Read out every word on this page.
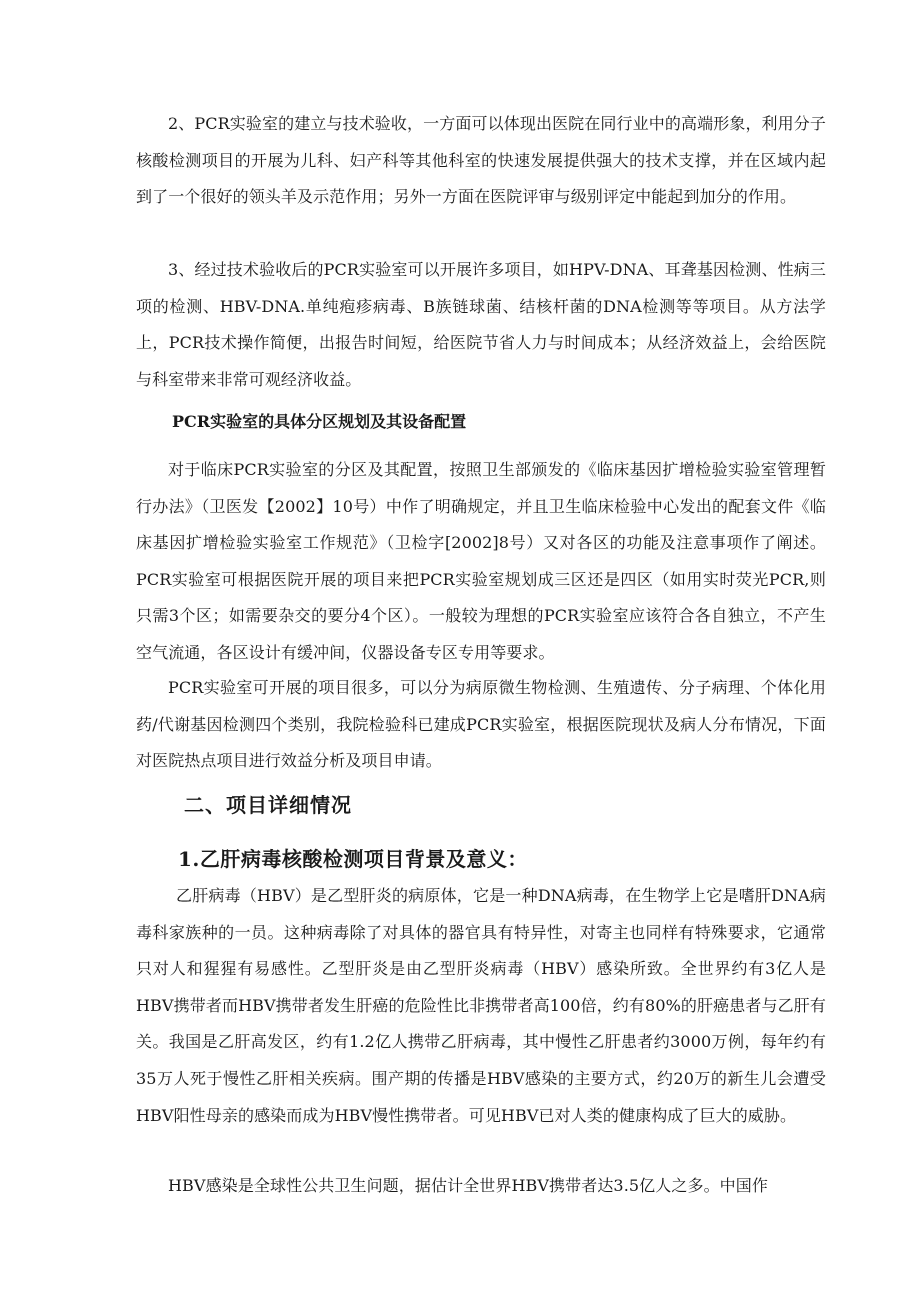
2、PCR实验室的建立与技术验收，一方面可以体现出医院在同行业中的高端形象，利用分子核酸检测项目的开展为儿科、妇产科等其他科室的快速发展提供强大的技术支撑，并在区域内起到了一个很好的领头羊及示范作用；另外一方面在医院评审与级别评定中能起到加分的作用。

3、经过技术验收后的PCR实验室可以开展许多项目，如HPV-DNA、耳聋基因检测、性病三项的检测、HBV-DNA.单纯疱疹病毒、B族链球菌、结核杆菌的DNA检测等等项目。从方法学上，PCR技术操作简便，出报告时间短，给医院节省人力与时间成本；从经济效益上，会给医院与科室带来非常可观经济收益。

PCR实验室的具体分区规划及其设备配置

对于临床PCR实验室的分区及其配置，按照卫生部颁发的《临床基因扩增检验实验室管理暂行办法》（卫医发【2002】10号）中作了明确规定，并且卫生临床检验中心发出的配套文件《临床基因扩增检验实验室工作规范》（卫检字[2002]8号）又对各区的功能及注意事项作了阐述。PCR实验室可根据医院开展的项目来把PCR实验室规划成三区还是四区（如用实时荧光PCR,则只需3个区；如需要杂交的要分4个区）。一般较为理想的PCR实验室应该符合各自独立，不产生空气流通，各区设计有缓冲间，仪器设备专区专用等要求。

PCR实验室可开展的项目很多，可以分为病原微生物检测、生殖遗传、分子病理、个体化用药/代谢基因检测四个类别，我院检验科已建成PCR实验室，根据医院现状及病人分布情况，下面对医院热点项目进行效益分析及项目申请。

二、项目详细情况
1.乙肝病毒核酸检测项目背景及意义：

乙肝病毒（HBV）是乙型肝炎的病原体，它是一种DNA病毒，在生物学上它是嗜肝DNA病毒科家族种的一员。这种病毒除了对具体的器官具有特异性，对寄主也同样有特殊要求，它通常只对人和猩猩有易感性。乙型肝炎是由乙型肝炎病毒（HBV）感染所致。全世界约有3亿人是HBV携带者而HBV携带者发生肝癌的危险性比非携带者高100倍，约有80%的肝癌患者与乙肝有关。我国是乙肝高发区，约有1.2亿人携带乙肝病毒，其中慢性乙肝患者约3000万例，每年约有35万人死于慢性乙肝相关疾病。围产期的传播是HBV感染的主要方式，约20万的新生儿会遭受HBV阳性母亲的感染而成为HBV慢性携带者。可见HBV已对人类的健康构成了巨大的威胁。

HBV感染是全球性公共卫生问题，据估计全世界HBV携带者达3.5亿人之多。中国作
